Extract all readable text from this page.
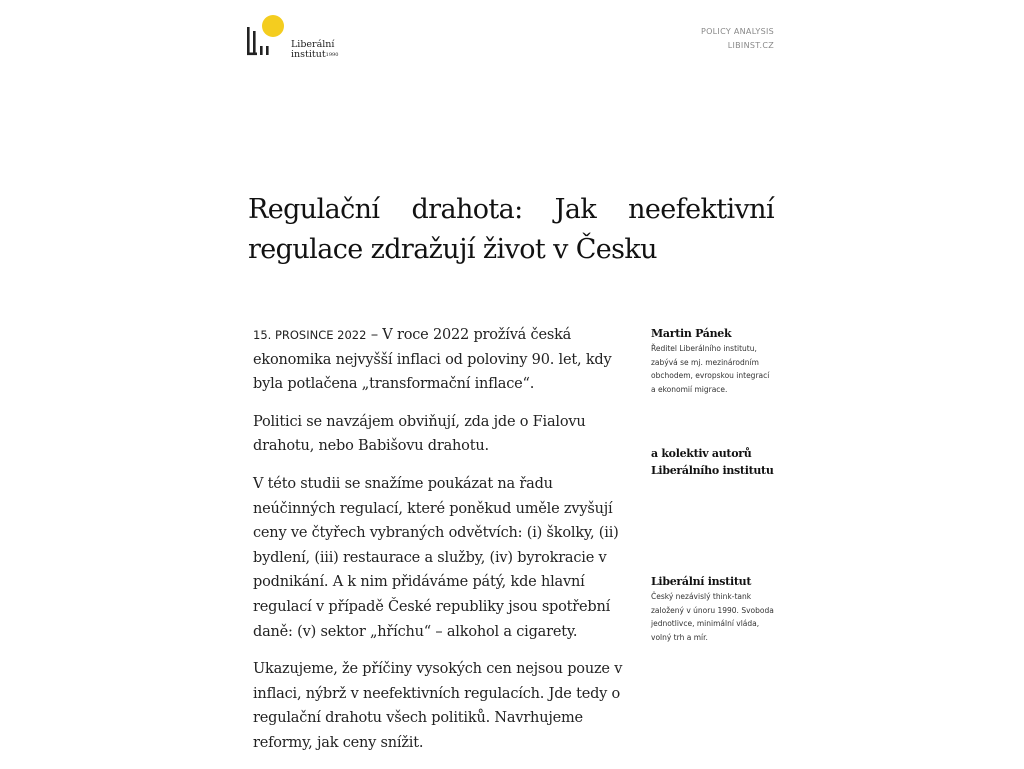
Liberální
institut$^{1990}$
POLICY ANALYSIS
LIBINST.CZ
Regulační drahota: Jak neefektivní regulace zdražují život v Česku

15. PROSINCE 2022 – V roce 2022 prožívá česká ekonomika nejvyšší inflaci od poloviny 90. let, kdy byla potlačena „transformační inflace“.

Politici se navzájem obviňují, zda jde o Fialovu drahotu, nebo Babišovu drahotu.

V této studii se snažíme poukázat na řadu neúčinných regulací, které poněkud uměle zvyšují ceny ve čtyřech vybraných odvětvích: (i) školky, (ii) bydlení, (iii) restaurace a služby, (iv) byrokracie v podnikání. A k nim přidáváme pátý, kde hlavní regulací v případě České republiky jsou spotřební daně: (v) sektor „hříchu“ – alkohol a cigarety.

Ukazujeme, že příčiny vysokých cen nejsou pouze v inflaci, nýbrž v neefektivních regulacích. Jde tedy o regulační drahotu všech politiků. Navrhujeme reformy, jak ceny snížit.

Martin Pánek
Ředitel Liberálního institutu, zabývá se mj. mezinárodním obchodem, evropskou integrací a ekonomií migrace.
a kolektiv autorů Liberálního institutu
Liberální institut
Český nezávislý think-tank založený v únoru 1990. Svoboda jednotlivce, minimální vláda, volný trh a mír.
